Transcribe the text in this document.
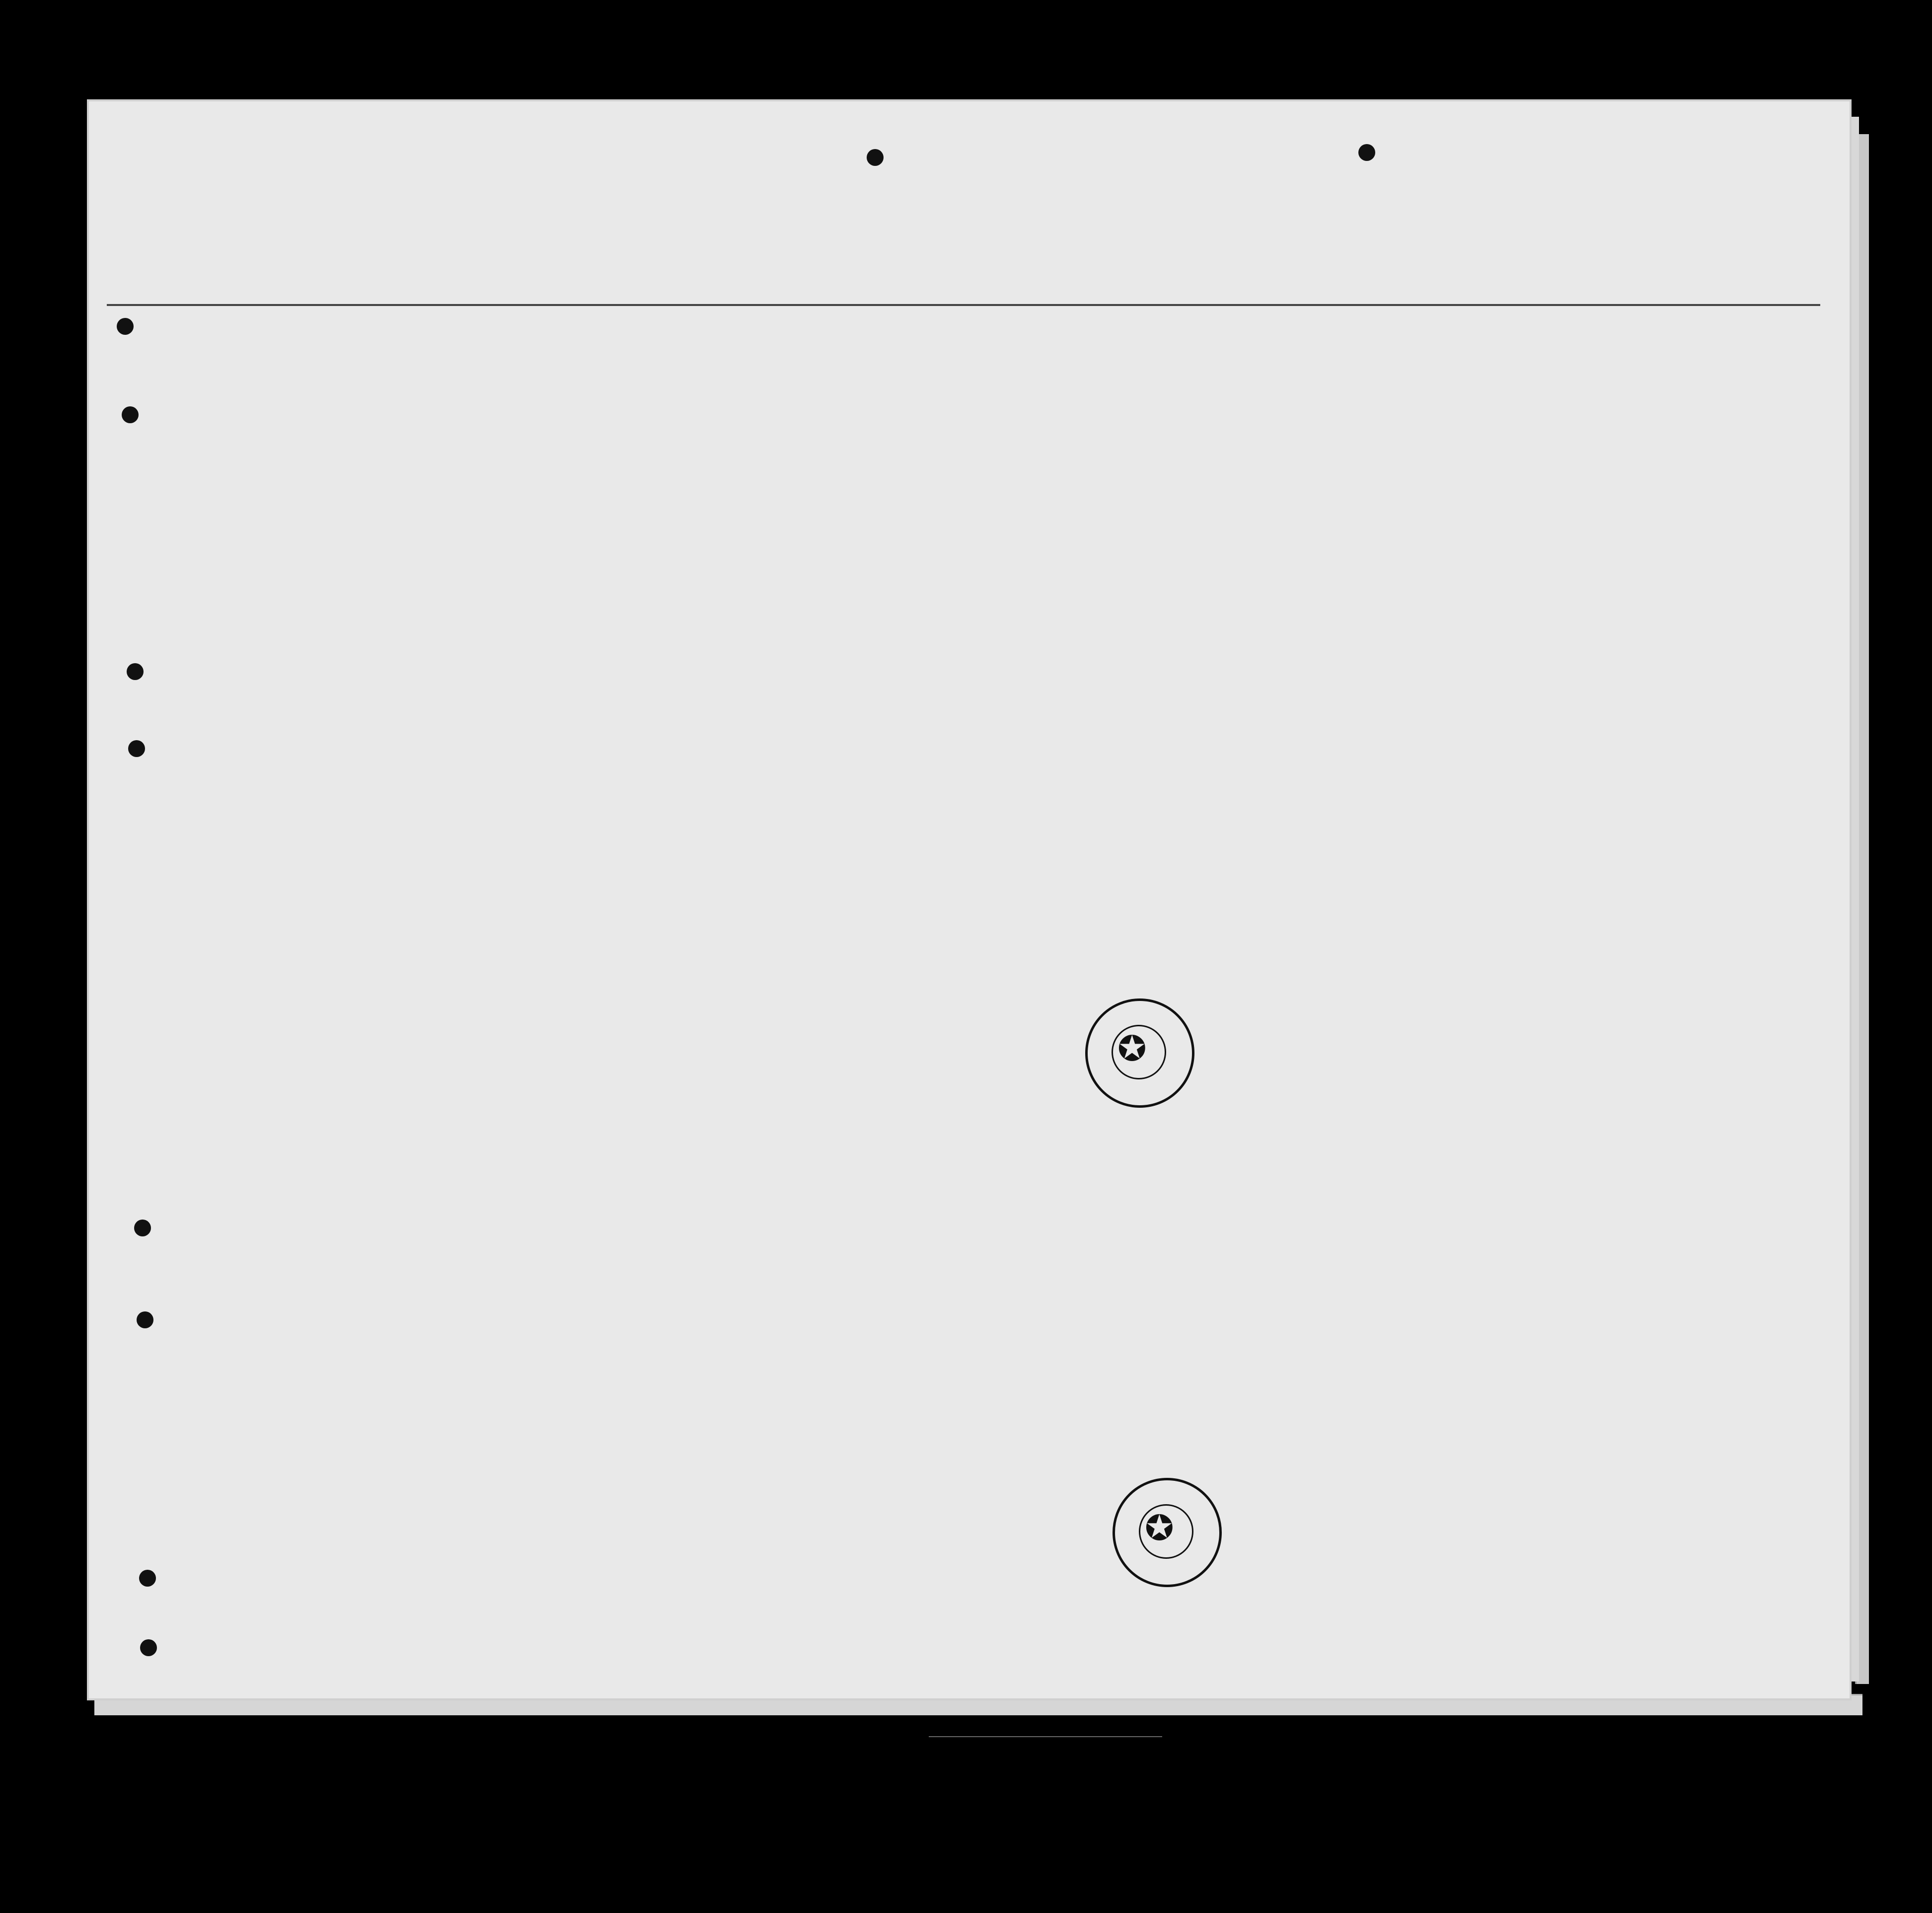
✪
✪
